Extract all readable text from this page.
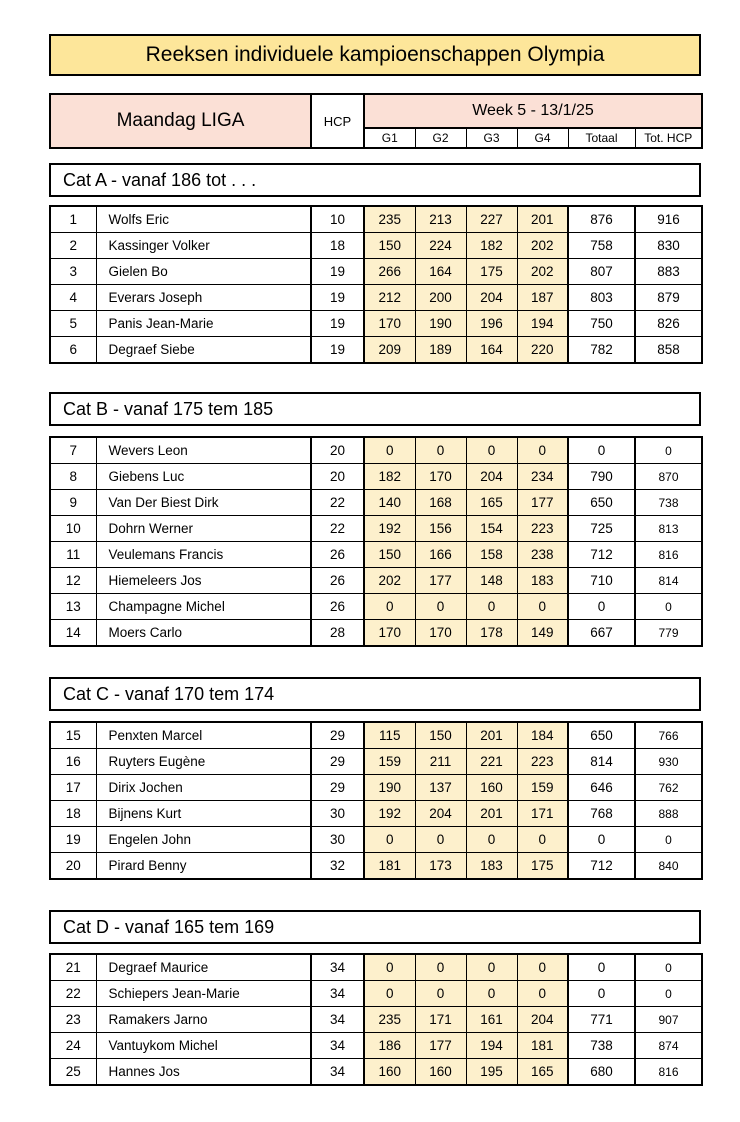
Reeksen individuele kampioenschappen Olympia
Maandag LIGA	HCP	Week 5 - 13/1/25					
		G1	G2	G3	G4	Totaal	Tot. HCP
Cat A - vanaf 186 tot . . .
1	Wolfs Eric	10	235	213	227	201	876	916
2	Kassinger Volker	18	150	224	182	202	758	830
3	Gielen Bo	19	266	164	175	202	807	883
4	Everars Joseph	19	212	200	204	187	803	879
5	Panis Jean-Marie	19	170	190	196	194	750	826
6	Degraef Siebe	19	209	189	164	220	782	858
Cat B - vanaf 175 tem 185
7	Wevers Leon	20	0	0	0	0	0	0
8	Giebens Luc	20	182	170	204	234	790	870
9	Van Der Biest Dirk	22	140	168	165	177	650	738
10	Dohrn Werner	22	192	156	154	223	725	813
11	Veulemans Francis	26	150	166	158	238	712	816
12	Hiemeleers Jos	26	202	177	148	183	710	814
13	Champagne Michel	26	0	0	0	0	0	0
14	Moers Carlo	28	170	170	178	149	667	779
Cat C - vanaf 170 tem 174
15	Penxten Marcel	29	115	150	201	184	650	766
16	Ruyters Eugène	29	159	211	221	223	814	930
17	Dirix Jochen	29	190	137	160	159	646	762
18	Bijnens Kurt	30	192	204	201	171	768	888
19	Engelen John	30	0	0	0	0	0	0
20	Pirard Benny	32	181	173	183	175	712	840
Cat D - vanaf 165 tem 169
21	Degraef Maurice	34	0	0	0	0	0	0
22	Schiepers Jean-Marie	34	0	0	0	0	0	0
23	Ramakers Jarno	34	235	171	161	204	771	907
24	Vantuykom Michel	34	186	177	194	181	738	874
25	Hannes Jos	34	160	160	195	165	680	816
